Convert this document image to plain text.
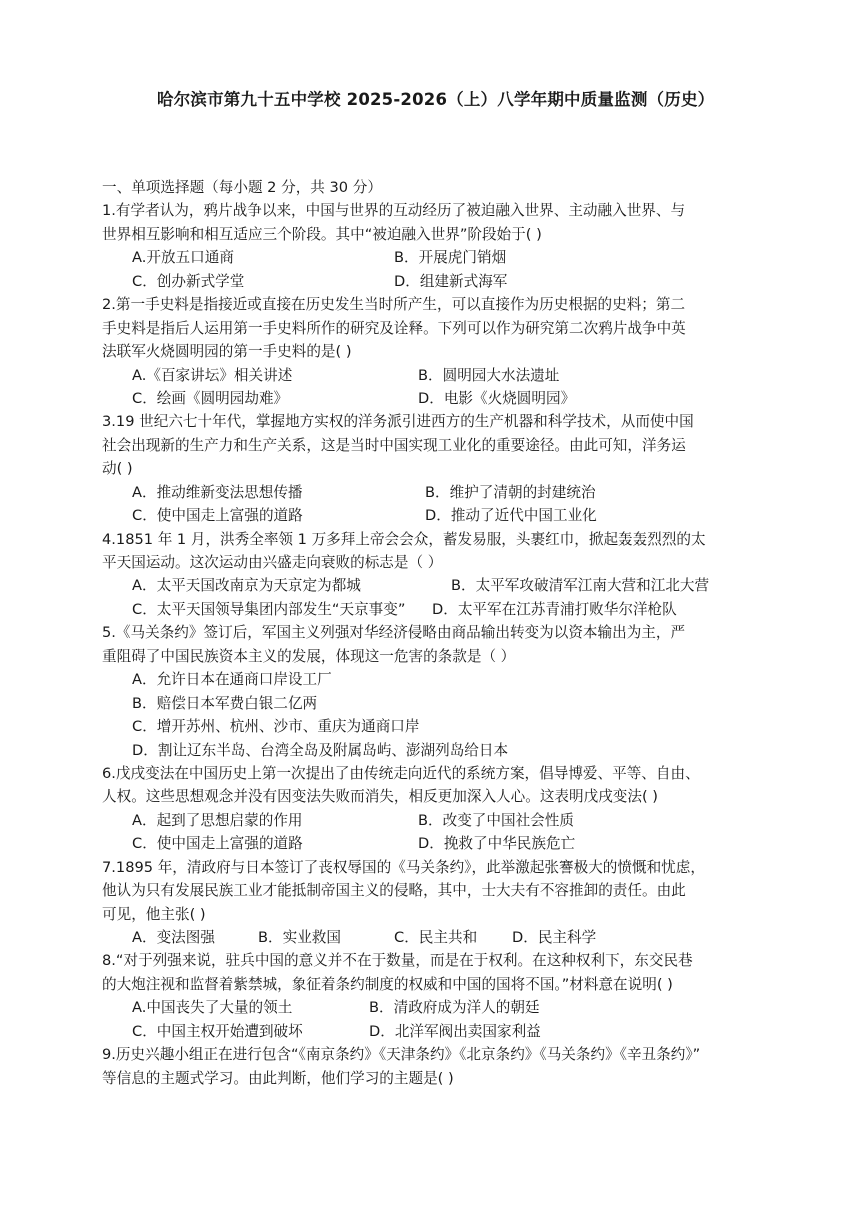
哈尔滨市第九十五中学校 2025-2026（上）八学年期中质量监测（历史）
一、单项选择题（每小题 2 分，共 30 分）
1.有学者认为，鸦片战争以来，中国与世界的互动经历了被迫融入世界、主动融入世界、与
世界相互影响和相互适应三个阶段。其中“被迫融入世界”阶段始于( )
A.开放五口通商	B．开展虎门销烟
C．创办新式学堂	D．组建新式海军
2.第一手史料是指接近或直接在历史发生当时所产生，可以直接作为历史根据的史料；第二
手史料是指后人运用第一手史料所作的研究及诠释。下列可以作为研究第二次鸦片战争中英
法联军火烧圆明园的第一手史料的是( )
A.《百家讲坛》相关讲述	B．圆明园大水法遗址
C．绘画《圆明园劫难》	D．电影《火烧圆明园》
3.19 世纪六七十年代，掌握地方实权的洋务派引进西方的生产机器和科学技术，从而使中国
社会出现新的生产力和生产关系，这是当时中国实现工业化的重要途径。由此可知，洋务运
动( )
A．推动维新变法思想传播	B．维护了清朝的封建统治
C．使中国走上富强的道路	D．推动了近代中国工业化
4.1851 年 1 月，洪秀全率领 1 万多拜上帝会会众，蓄发易服，头裹红巾，掀起轰轰烈烈的太
平天国运动。这次运动由兴盛走向衰败的标志是（ ）
A．太平天国改南京为天京定为都城	B．太平军攻破清军江南大营和江北大营
C．太平天国领导集团内部发生“天京事变”	D．太平军在江苏青浦打败华尔洋枪队
5.《马关条约》签订后，军国主义列强对华经济侵略由商品输出转变为以资本输出为主，严
重阻碍了中国民族资本主义的发展，体现这一危害的条款是（ ）
A．允许日本在通商口岸设工厂
B．赔偿日本军费白银二亿两
C．增开苏州、杭州、沙市、重庆为通商口岸
D．割让辽东半岛、台湾全岛及附属岛屿、澎湖列岛给日本
6.戊戌变法在中国历史上第一次提出了由传统走向近代的系统方案，倡导博爱、平等、自由、
人权。这些思想观念并没有因变法失败而消失，相反更加深入人心。这表明戊戌变法( )
A．起到了思想启蒙的作用	B．改变了中国社会性质
C．使中国走上富强的道路	D．挽救了中华民族危亡
7.1895 年，清政府与日本签订了丧权辱国的《马关条约》，此举激起张謇极大的愤慨和忧虑，
他认为只有发展民族工业才能抵制帝国主义的侵略，其中，士大夫有不容推卸的责任。由此
可见，他主张( )
A．变法图强	B．实业救国	C．民主共和	D．民主科学
8.“对于列强来说，驻兵中国的意义并不在于数量，而是在于权利。在这种权利下，东交民巷
的大炮注视和监督着紫禁城，象征着条约制度的权威和中国的国将不国。”材料意在说明( )
A.中国丧失了大量的领土	B．清政府成为洋人的朝廷
C．中国主权开始遭到破坏	D．北洋军阀出卖国家利益
9.历史兴趣小组正在进行包含“《南京条约》《天津条约》《北京条约》《马关条约》《辛丑条约》”
等信息的主题式学习。由此判断，他们学习的主题是( )
